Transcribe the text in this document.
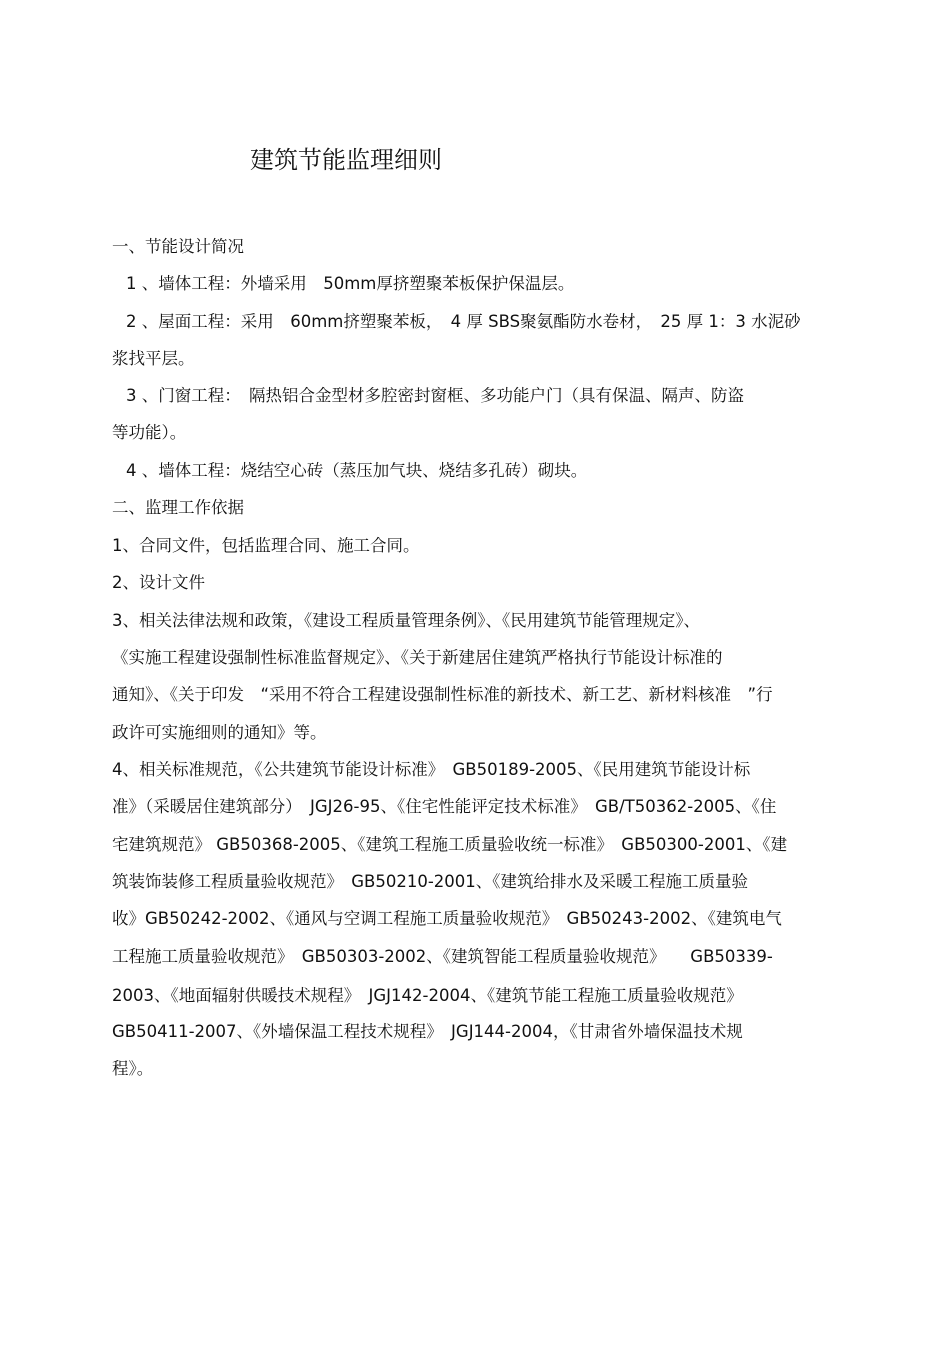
建筑节能监理细则
一、节能设计简况
1 、墙体工程：外墙采用　50mm厚挤塑聚苯板保护保温层。
2 、屋面工程：采用　60mm挤塑聚苯板，　4 厚 SBS聚氨酯防水卷材，　25 厚 1：3 水泥砂
浆找平层。
3 、门窗工程：　隔热铝合金型材多腔密封窗框、多功能户门（具有保温、隔声、防盗
等功能）。
4 、墙体工程：烧结空心砖（蒸压加气块、烧结多孔砖）砌块。
二、监理工作依据
1、合同文件，包括监理合同、施工合同。
2、设计文件
3、相关法律法规和政策，《建设工程质量管理条例》、《民用建筑节能管理规定》、
《实施工程建设强制性标准监督规定》、《关于新建居住建筑严格执行节能设计标准的
通知》、《关于印发　“采用不符合工程建设强制性标准的新技术、新工艺、新材料核准　”行
政许可实施细则的通知》等。
4、相关标准规范，《公共建筑节能设计标准》　GB50189-2005、《民用建筑节能设计标
准》（采暖居住建筑部分）　JGJ26-95、《住宅性能评定技术标准》　GB/T50362-2005、《住
宅建筑规范》 GB50368-2005、《建筑工程施工质量验收统一标准》　GB50300-2001、《建
筑装饰装修工程质量验收规范》　GB50210-2001、《建筑给排水及采暖工程施工质量验
收》GB50242-2002、《通风与空调工程施工质量验收规范》　GB50243-2002、《建筑电气
工程施工质量验收规范》　GB50303-2002、《建筑智能工程质量验收规范》　　GB50339-
2003、《地面辐射供暖技术规程》　JGJ142-2004、《建筑节能工程施工质量验收规范》
GB50411-2007、《外墙保温工程技术规程》　JGJ144-2004，《甘肃省外墙保温技术规
程》。
